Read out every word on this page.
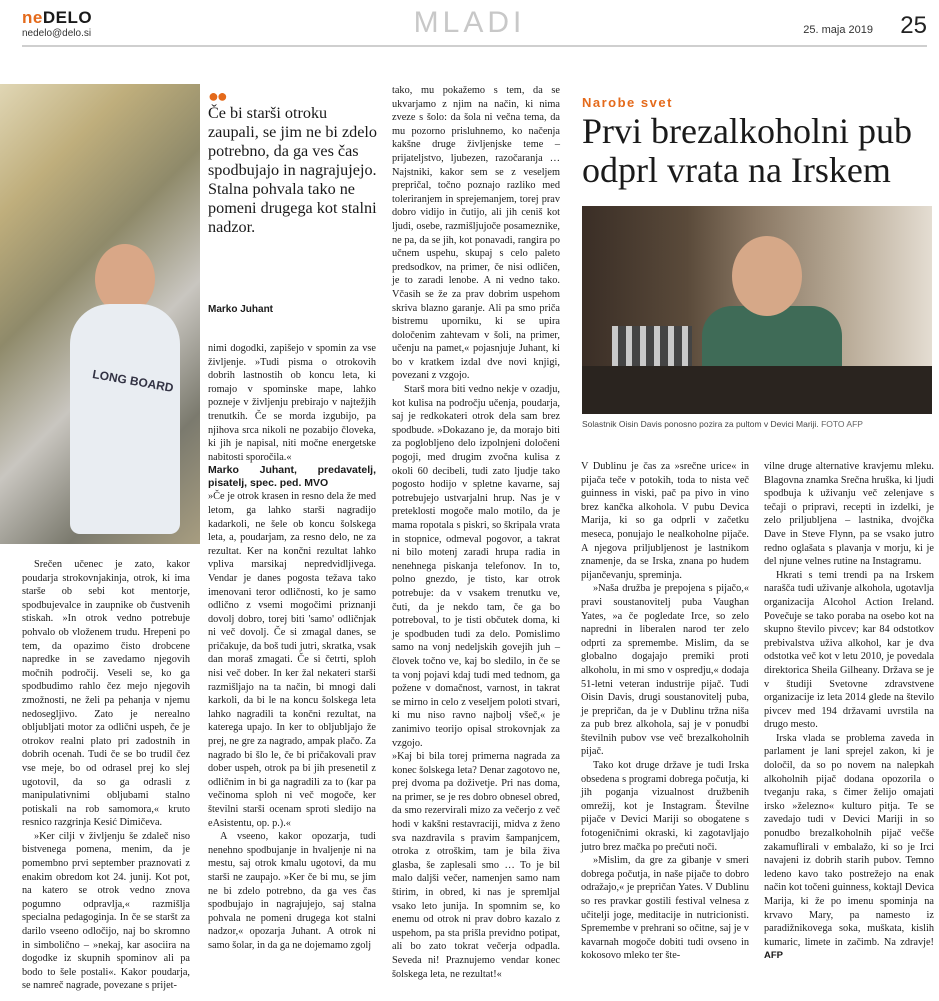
neDELO
nedelo@delo.si	MLADI	25. maja 2019 25
LONG BOARD
●●
Če bi starši otroku zaupali, se jim ne bi zdelo potrebno, da ga ves čas spodbujajo in nagrajujejo. Stalna pohvala tako ne pomeni drugega kot stalni nadzor.
Marko Juhant

Srečen učenec je zato, kakor poudarja strokovnjakinja, otrok, ki ima starše ob sebi kot mentorje, spodbujevalce in zaupnike ob čustvenih stiskah. »In otrok vedno potrebuje pohvalo ob vloženem trudu. Hrepeni po tem, da opazimo čisto drobcene napredke in se zavedamo njegovih močnih področij. Veseli se, ko ga spodbudimo rahlo čez mejo njegovih zmožnosti, ne želi pa pehanja v njemu nedosegljivo. Zato je nerealno obljubljati motor za odlični uspeh, če je otrokov realni plato pri zadostnih in dobrih ocenah. Tudi če se bo trudil čez vse meje, bo od odrasel prej ko slej ugotovil, da so ga odrasli z manipulativnimi obljubami stalno potiskali na rob samomora,« kruto resnico razgrinja Kesić Dimičeva.

»Ker cilji v življenju še zdaleč niso bistvenega pomena, menim, da je pomembno prvi september praznovati z enakim obredom kot 24. junij. Kot pot, na katero se otrok vedno znova pogumno odpravlja,« razmišlja specialna pedagoginja. In če se staršt za darilo vseeno odločijo, naj bo skromno in simbolično – »nekaj, kar asociira na dogodke iz skupnih spominov ali pa bodo to šele postali«. Kakor poudarja, se namreč nagrade, povezane s prijet-

nimi dogodki, zapišejo v spomin za vse življenje. »Tudi pisma o otrokovih dobrih lastnostih ob koncu leta, ki romajo v spominske mape, lahko pozneje v življenju prebirajo v najtežjih trenutkih. Če se morda izgubijo, pa njihova srca nikoli ne pozabijo človeka, ki jih je napisal, niti močne energetske nabitosti sporočila.«

Marko Juhant, predavatelj, pisatelj, spec. ped. MVO

»Če je otrok krasen in resno dela že med letom, ga lahko starši nagradijo kadarkoli, ne šele ob koncu šolskega leta, a, poudarjam, za resno delo, ne za rezultat. Ker na končni rezultat lahko vpliva marsikaj nepredvidljivega. Vendar je danes pogosta težava tako imenovani teror odličnosti, ko je samo odlično z vsemi mogočimi priznanji dovolj dobro, torej biti 'samo' odličnjak ni več dovolj. Če si zmagal danes, se pričakuje, da boš tudi jutri, skratka, vsak dan moraš zmagati. Če si četrti, sploh nisi več dober. In ker žal nekateri starši razmišljajo na ta način, bi mnogi dali karkoli, da bi le na koncu šolskega leta lahko nagradili ta končni rezultat, na katerega upajo. In ker to obljubljajo že prej, ne gre za nagrado, ampak plačo. Za nagrado bi šlo le, če bi pričakovali prav dober uspeh, otrok pa bi jih presenetil z odličnim in bi ga nagradili za to (kar pa večinoma sploh ni več mogoče, ker številni starši ocenam sproti sledijo na eAsistentu, op. p.).«

A vseeno, kakor opozarja, tudi nenehno spodbujanje in hvaljenje ni na mestu, saj otrok kmalu ugotovi, da mu starši ne zaupajo. »Ker če bi mu, se jim ne bi zdelo potrebno, da ga ves čas spodbujajo in nagrajujejo, saj stalna pohvala ne pomeni drugega kot stalni nadzor,« opozarja Juhant. A otrok ni samo šolar, in da ga ne dojemamo zgolj

tako, mu pokažemo s tem, da se ukvarjamo z njim na način, ki nima zveze s šolo: da šola ni večna tema, da mu pozorno prisluhnemo, ko načenja kakšne druge življenjske teme – prijateljstvo, ljubezen, razočaranja … Najstniki, kakor sem se z veseljem prepričal, točno poznajo razliko med toleriranjem in sprejemanjem, torej prav dobro vidijo in čutijo, ali jih ceniš kot ljudi, osebe, razmišljujoče posameznike, ne pa, da se jih, kot ponavadi, rangira po učnem uspehu, skupaj s celo paleto predsodkov, na primer, če nisi odličen, je to zaradi lenobe. A ni vedno tako. Včasih se že za prav dobrim uspehom skriva blazno garanje. Ali pa smo priča bistremu uporniku, ki se upira določenim zahtevam v šoli, na primer, učenju na pamet,« pojasnjuje Juhant, ki bo v kratkem izdal dve novi knjigi, povezani z vzgojo.

Starš mora biti vedno nekje v ozadju, kot kulisa na področju učenja, poudarja, saj je redkokateri otrok dela sam brez spodbude. »Dokazano je, da morajo biti za poglobljeno delo izpolnjeni določeni pogoji, med drugim zvočna kulisa z okoli 60 decibeli, tudi zato ljudje tako pogosto hodijo v spletne kavarne, saj potrebujejo ustvarjalni hrup. Nas je v preteklosti mogoče malo motilo, da je mama ropotala s piskri, so škripala vrata in stopnice, odmeval pogovor, a takrat ni bilo motenj zaradi hrupa radia in nenehnega piskanja telefonov. In to, polno gnezdo, je tisto, kar otrok potrebuje: da v vsakem trenutku ve, čuti, da je nekdo tam, če ga bo potreboval, to je tisti občutek doma, ki je spodbuden tudi za delo. Pomislimo samo na vonj nedeljskih govejih juh – človek točno ve, kaj bo sledilo, in če se ta vonj pojavi kdaj tudi med tednom, ga požene v domačnost, varnost, in takrat se mirno in celo z veseljem poloti stvari, ki mu niso ravno najbolj všeč,« je zanimivo teorijo opisal strokovnjak za vzgojo.

»Kaj bi bila torej primerna nagrada za konec šolskega leta? Denar zagotovo ne, prej dvoma pa doživetje. Pri nas doma, na primer, se je res dobro obnesel obred, da smo rezervirali mizo za večerjo z več hodi v kakšni restavraciji, midva z ženo sva nazdravila s pravim šampanjcem, otroka z otroškim, tam je bila živa glasba, še zaplesali smo … To je bil malo daljši večer, namenjen samo nam štirim, in obred, ki nas je spremljal vsako leto junija. In spomnim se, ko enemu od otrok ni prav dobro kazalo z uspehom, pa sta prišla previdno potipat, ali bo zato tokrat večerja odpadla. Seveda ni! Praznujemo vendar konec šolskega leta, ne rezultat!«

Narobe svet
Prvi brezalkoholni pub odprl vrata na Irskem
Solastnik Oisin Davis ponosno pozira za pultom v Devici Mariji. FOTO AFP

V Dublinu je čas za »srečne urice« in pijača teče v potokih, toda to nista več guinness in viski, pač pa pivo in vino brez kančka alkohola. V pubu Devica Marija, ki so ga odprli v začetku meseca, ponujajo le nealkoholne pijače. A njegova priljubljenost je lastnikom znamenje, da se Irska, znana po hudem pijančevanju, spreminja.

»Naša družba je prepojena s pijačo,« pravi soustanovitelj puba Vaughan Yates, »a če pogledate Irce, so zelo napredni in liberalen narod ter zelo odprti za spremembe. Mislim, da se globalno dogajajo premiki proti alkoholu, in mi smo v ospredju,« dodaja 51-letni veteran industrije pijač. Tudi Oisin Davis, drugi soustanovitelj puba, je prepričan, da je v Dublinu tržna niša za pub brez alkohola, saj je v ponudbi številnih pubov vse več brezalkoholnih pijač.

Tako kot druge države je tudi Irska obsedena s programi dobrega počutja, ki jih poganja vizualnost družbenih omrežij, kot je Instagram. Številne pijače v Devici Mariji so obogatene s fotogeničnimi okraski, ki zagotavljajo jutro brez mačka po prečuti noči.

»Mislim, da gre za gibanje v smeri dobrega počutja, in naše pijače to dobro odražajo,« je prepričan Yates. V Dublinu so res pravkar gostili festival velnesa z učitelji joge, meditacije in nutricionisti. Spremembe v prehrani so očitne, saj je v kavarnah mogoče dobiti tudi ovseno in kokosovo mleko ter šte-

vilne druge alternative kravjemu mleku. Blagovna znamka Srečna hruška, ki ljudi spodbuja k uživanju več zelenjave s tečaji o pripravi, recepti in izdelki, je zelo priljubljena – lastnika, dvojčka Dave in Steve Flynn, pa se vsako jutro redno oglašata s plavanja v morju, ki je del njune velnes rutine na Instagramu.

Hkrati s temi trendi pa na Irskem narašča tudi uživanje alkohola, ugotavlja organizacija Alcohol Action Ireland. Povečuje se tako poraba na osebo kot na skupno število pivcev; kar 84 odstotkov prebivalstva uživa alkohol, kar je dva odstotka več kot v letu 2010, je povedala direktorica Sheila Gilheany. Država se je v študiji Svetovne zdravstvene organizacije iz leta 2014 glede na število pivcev med 194 državami uvrstila na drugo mesto.

Irska vlada se problema zaveda in parlament je lani sprejel zakon, ki je določil, da so po novem na nalepkah alkoholnih pijač dodana opozorila o tveganju raka, s čimer želijo omajati irsko »železno« kulturo pitja. Te se zavedajo tudi v Devici Mariji in so ponudbo brezalkoholnih pijač večše zakamuflirali v embalažo, ki so je Irci navajeni iz dobrih starih pubov. Temno ledeno kavo tako postrežejo na enak način kot točeni guinness, koktajl Devica Marija, ki že po imenu spominja na krvavo Mary, pa namesto iz paradižnikovega soka, muškata, kislih kumaric, limete in začimb. Na zdravje! AFP
